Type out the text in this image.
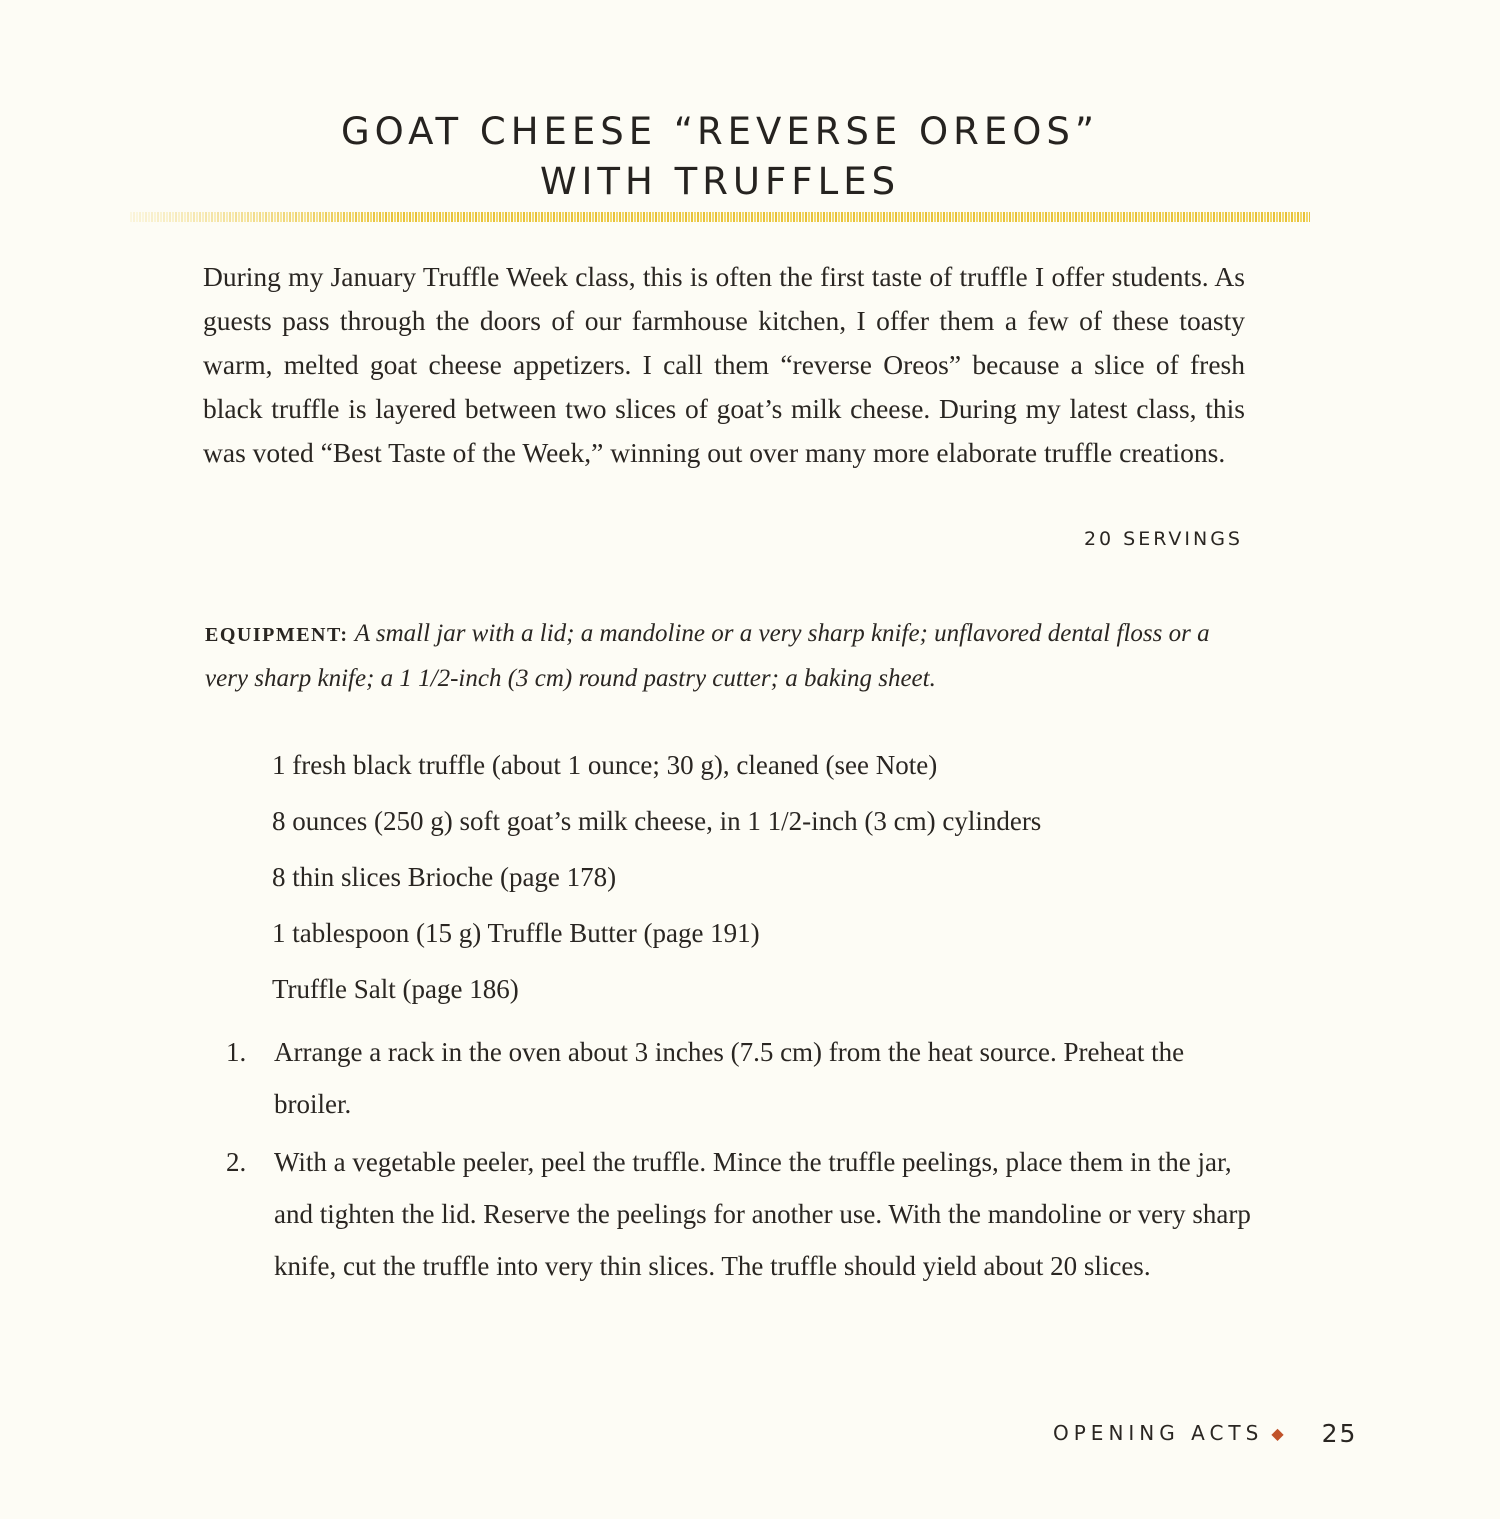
GOAT CHEESE “REVERSE OREOS”
WITH TRUFFLES

During my January Truffle Week class, this is often the first taste of truffle I offer students. As guests pass through the doors of our farmhouse kitchen, I offer them a few of these toasty warm, melted goat cheese appetizers. I call them “reverse Oreos” because a slice of fresh black truffle is layered between two slices of goat’s milk cheese. During my latest class, this was voted “Best Taste of the Week,” winning out over many more elaborate truffle creations.

20 SERVINGS

EQUIPMENT: A small jar with a lid; a mandoline or a very sharp knife; unflavored dental floss or a very sharp knife; a 1 1/2-inch (3 cm) round pastry cutter; a baking sheet.

1 fresh black truffle (about 1 ounce; 30 g), cleaned (see Note)
8 ounces (250 g) soft goat’s milk cheese, in 1 1/2-inch (3 cm) cylinders
8 thin slices Brioche (page 178)
1 tablespoon (15 g) Truffle Butter (page 191)
Truffle Salt (page 186)
1.	Arrange a rack in the oven about 3 inches (7.5 cm) from the heat source. Preheat the broiler.
2.	With a vegetable peeler, peel the truffle. Mince the truffle peelings, place them in the jar, and tighten the lid. Reserve the peelings for another use. With the mandoline or very sharp knife, cut the truffle into very thin slices. The truffle should yield about 20 slices.
OPENING ACTS ◆ 25
